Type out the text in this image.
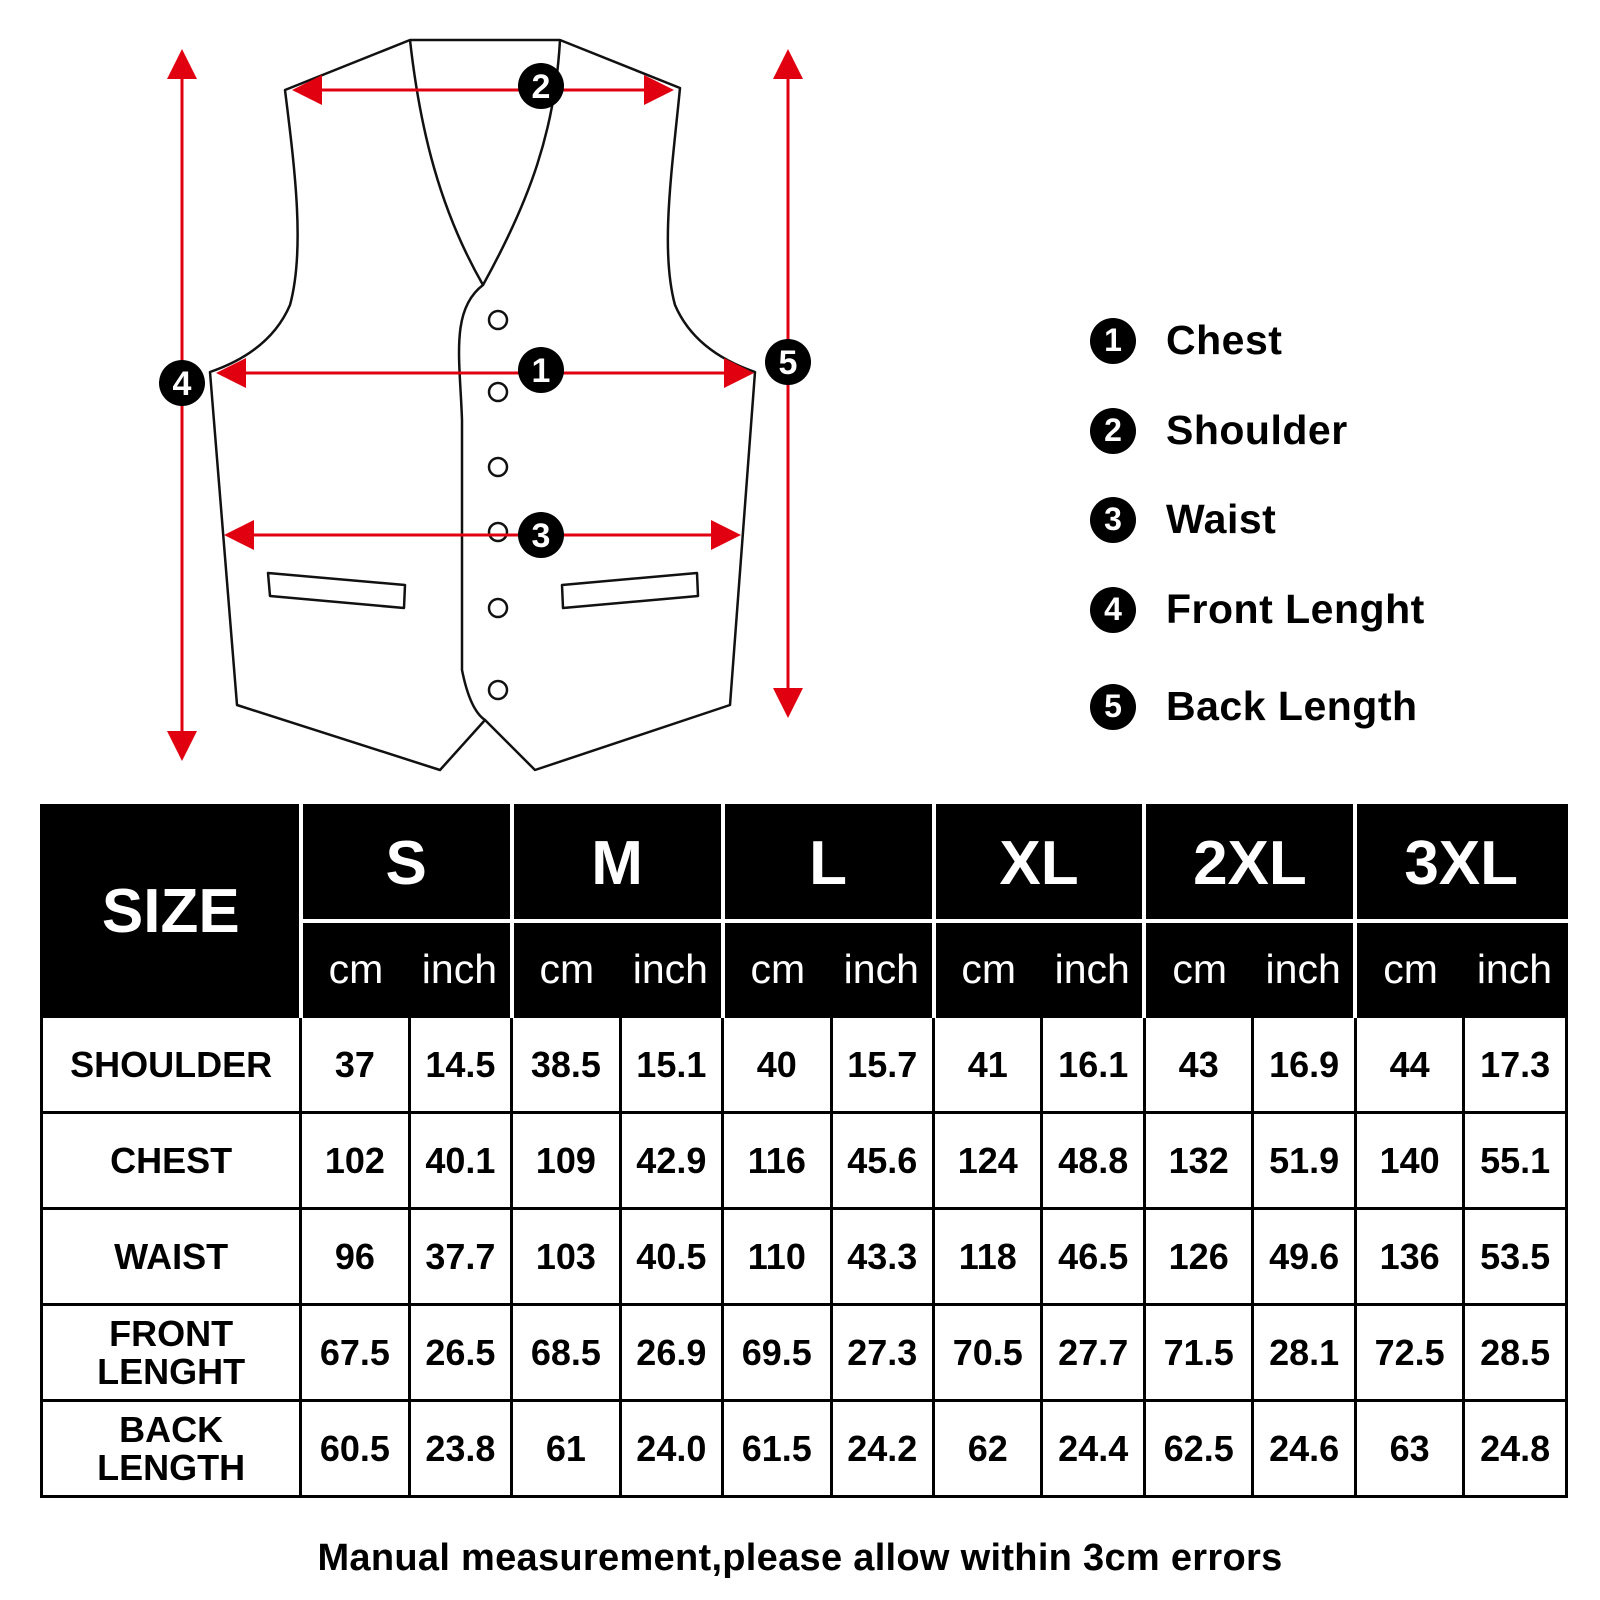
2
1
3
4
5
1	Chest
2	Shoulder
3	Waist
4	Front Lenght
5	Back Length
SIZE	S		M		L		XL		2XL		3XL	
	cm	inch	cm	inch	cm	inch	cm	inch	cm	inch	cm	inch
SHOULDER	37	14.5	38.5	15.1	40	15.7	41	16.1	43	16.9	44	17.3
CHEST	102	40.1	109	42.9	116	45.6	124	48.8	132	51.9	140	55.1
WAIST	96	37.7	103	40.5	110	43.3	118	46.5	126	49.6	136	53.5
FRONT LENGHT	67.5	26.5	68.5	26.9	69.5	27.3	70.5	27.7	71.5	28.1	72.5	28.5
BACK LENGTH	60.5	23.8	61	24.0	61.5	24.2	62	24.4	62.5	24.6	63	24.8
Manual measurement,please allow within 3cm errors
